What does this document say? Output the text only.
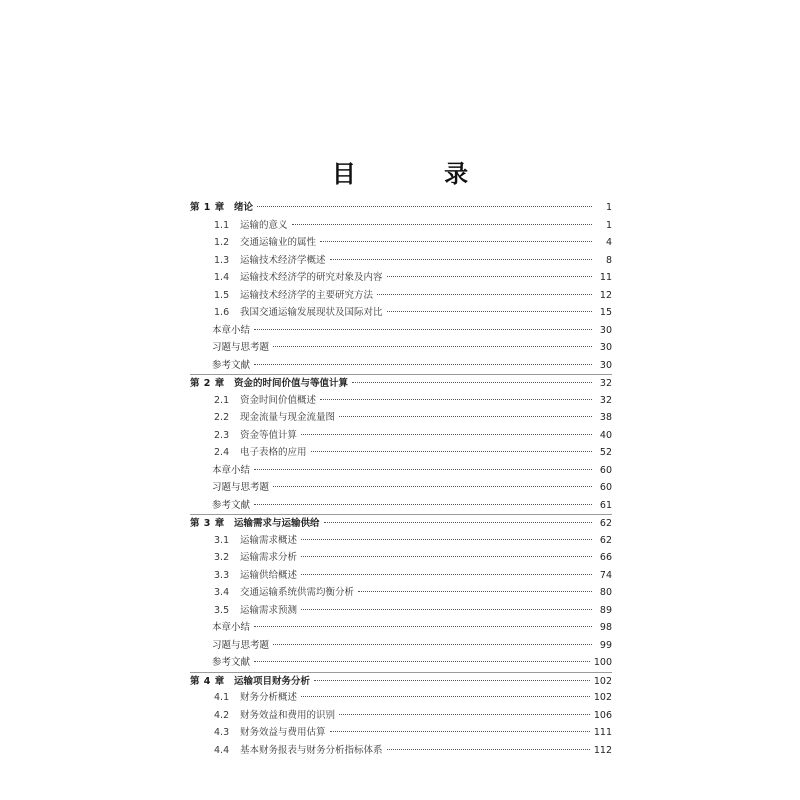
目 录
第 1 章 绪论	1
1.1	运输的意义	1
1.2	交通运输业的属性	4
1.3	运输技术经济学概述	8
1.4	运输技术经济学的研究对象及内容	11
1.5	运输技术经济学的主要研究方法	12
1.6	我国交通运输发展现状及国际对比	15
本章小结	30
习题与思考题	30
参考文献	30
第 2 章 资金的时间价值与等值计算	32
2.1	资金时间价值概述	32
2.2	现金流量与现金流量图	38
2.3	资金等值计算	40
2.4	电子表格的应用	52
本章小结	60
习题与思考题	60
参考文献	61
第 3 章 运输需求与运输供给	62
3.1	运输需求概述	62
3.2	运输需求分析	66
3.3	运输供给概述	74
3.4	交通运输系统供需均衡分析	80
3.5	运输需求预测	89
本章小结	98
习题与思考题	99
参考文献	100
第 4 章 运输项目财务分析	102
4.1	财务分析概述	102
4.2	财务效益和费用的识别	106
4.3	财务效益与费用估算	111
4.4	基本财务报表与财务分析指标体系	112
